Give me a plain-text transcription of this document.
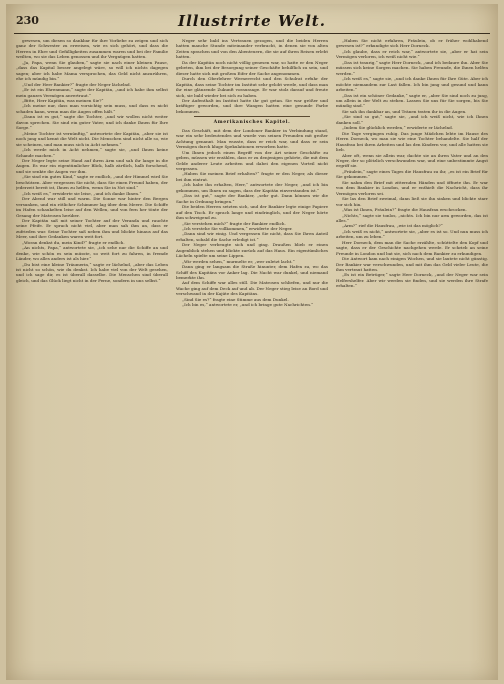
230	Illustrirte Welt.

gewesen, um diesen so dankbar für ihre Vorliebe zu zeigen und sich ganz der Schwester zu erweisen, wie es sich gehört, und dass die Herren in Ehre und Gefälligkeiten zusammen waren und bei der Familie weilten, wo sie das Leben genossen und ihr Vergnügen hatten.

„Ja, Papa, wenn Sie glauben,“ sagte sie nach einer kleinen Pause, „dass das Kapital besser angelegt wäre, so will ich nichts dagegen sagen; aber ich habe Mama versprochen, das Geld nicht anzurühren, ehe ich mündig bin.“

„Und der Herr Bankier?“ fragte der Neger lächelnd.

„Er ist ein Ehrenmann,“ sagte der Kapitän, „und ich habe ihm selbst mein ganzes Vermögen anvertraut.“

„Bitte, Herr Kapitän, was meinen Sie?“

„Ich meine nur, dass man vorsichtig sein muss, und dass es nicht schaden kann, wenn man die Augen offen hält.“

„Dann ist es gut,“ sagte die Tochter, „und wir wollen nicht weiter davon sprechen. Sie sind ein guter Vater, und ich danke Ihnen für Ihre Sorge.“

„Meine Tochter ist vernünftig,“ antwortete der Kapitän, „aber sie ist noch jung und kennt die Welt nicht. Die Menschen sind nicht alle so, wie sie scheinen, und man muss sich in Acht nehmen.“

„Ich werde mich in Acht nehmen,“ sagte sie, „und Ihnen keine Schande machen.“

Der Neger legte seine Hand auf ihren Arm und sah ihr lange in die Augen. Es war ein eigentümlicher Blick, halb zärtlich, halb forschend, und sie senkte die Augen vor ihm.

„Sie sind ein gutes Kind,“ sagte er endlich, „und der Himmel wird Sie beschützen. Aber vergessen Sie nicht, dass Sie einen Freund haben, der jederzeit bereit ist, Ihnen zu helfen, wenn Sie in Not sind.“

„Ich weiß es,“ erwiderte sie leise, „und ich danke Ihnen.“

Der Abend war still und warm. Die Sonne war hinter den Bergen versunken, und ein rötlicher Schimmer lag über dem Meere. Die Schiffe im Hafen schaukelten leise auf den Wellen, und von fern her tönte der Gesang der Matrosen herüber.

Der Kapitän saß mit seiner Tochter auf der Veranda und rauchte seine Pfeife. Er sprach nicht viel, aber man sah ihm an, dass er zufrieden war. Seine Tochter saß neben ihm und blickte hinaus auf das Meer, und ihre Gedanken waren weit fort.

„Woran denkst du, mein Kind?“ fragte er endlich.

„An nichts, Papa,“ antwortete sie, „ich sehe nur die Schiffe an und denke, wie schön es sein müsste, so weit fort zu fahren, in fremde Länder, wo alles anders ist als hier.“

„Du bist eine kleine Träumerin,“ sagte er lächelnd, „aber das Leben ist nicht so schön, wie du denkst. Ich habe viel von der Welt gesehen, und ich sage dir, es ist überall dasselbe. Die Menschen sind überall gleich, und das Glück liegt nicht in der Ferne, sondern in uns selbst.“

Neger sehr bald ins Vertrauen gezogen, und die beiden Herren hatten manche Stunde miteinander verbracht, in denen sie von alten Zeiten sprachen und von den Abenteuern, die sie auf ihren Reisen erlebt hatten.

Da der Kapitän noch nicht völlig genesen war, so hatte er den Neger gebeten, ihm bei der Besorgung seiner Geschäfte behilflich zu sein, und dieser hatte sich mit großem Eifer der Sache angenommen.

Durch den Oberlehrer Wernerrecht und den Schulrat erfuhr der Kapitän, dass seine Tochter im Institut sehr gelobt werde, und dass man ihr eine glänzende Zukunft voraussage. Er war stolz darauf und freute sich, sie bald wieder bei sich zu haben.

Der Aufenthalt im Institut hatte ihr gut getan. Sie war größer und kräftiger geworden, und ihre Wangen hatten eine gesunde Farbe bekommen.

Amerikanisches Kapitel.

Das Geschäft, mit dem der Londoner Bankier in Verbindung stand, war ein sehr bedeutendes und wurde von seinen Freunden mit großer Achtung genannt. Man wusste, dass er reich war, und dass er sein Vermögen durch kluge Spekulationen erworben hatte.

Um Ihnen jedoch einen Begriff von der Art seiner Geschäfte zu geben, müssen wir erzählen, dass er zu denjenigen gehörte, die mit dem Gelde anderer Leute arbeiten und dabei den eigenen Vorteil nicht vergessen.

„Haben Sie meinen Brief erhalten?“ fragte er den Neger, als dieser bei ihm eintrat.

„Ich habe ihn erhalten, Herr,“ antwortete der Neger, „und ich bin gekommen, um Ihnen zu sagen, dass der Kapitän einverstanden ist.“

„Das ist gut,“ sagte der Bankier, „sehr gut. Dann können wir die Sache in Ordnung bringen.“

Die beiden Herren setzten sich, und der Bankier legte einige Papiere auf den Tisch. Er sprach lange und eindringlich, und der Neger hörte ihm schweigend zu.

„Sie verstehen mich?“ fragte der Bankier endlich.

„Ich verstehe Sie vollkommen,“ erwiderte der Neger.

„Dann sind wir einig. Und vergessen Sie nicht, dass Sie Ihren Anteil erhalten, sobald die Sache erledigt ist.“

Der Neger verbeugte sich und ging. Draußen blieb er einen Augenblick stehen und blickte zurück auf das Haus. Ein eigentümliches Lächeln spielte um seine Lippen.

„Wir werden sehen,“ murmelte er, „wer zuletzt lacht.“

Dann ging er langsam die Straße hinunter, dem Hafen zu, wo das Schiff des Kapitäns vor Anker lag. Die Nacht war dunkel, und niemand bemerkte ihn.

Auf dem Schiffe war alles still. Die Matrosen schliefen, und nur die Wache ging auf dem Deck auf und ab. Der Neger stieg leise an Bord und verschwand in der Kajüte des Kapitäns.

„Sind Sie es?“ fragte eine Stimme aus dem Dunkel.

„Ich bin es,“ antwortete er, „und ich bringe gute Nachrichten.“

„Haben Sie nicht erfahren, Fräulein, ob er früher wohlhabend gewesen ist?“ erkundigte sich Herr Dorneck.

„Ich glaube, dass er reich war,“ antwortete sie, „aber er hat sein Vermögen verloren, ich weiß nicht wie.“

„Das ist traurig,“ sagte Herr Dorneck, „und ich bedaure ihn. Aber Sie müssen sich keine Sorgen machen. Sie haben Freunde, die Ihnen helfen werden.“

„Ich weiß es,“ sagte sie, „und ich danke Ihnen für Ihre Güte. Aber ich möchte niemandem zur Last fallen. Ich bin jung und gesund und kann arbeiten.“

„Das ist ein schöner Gedanke,“ sagte er, „aber Sie sind noch zu jung, um allein in der Welt zu stehen. Lassen Sie uns für Sie sorgen, bis Sie mündig sind.“

Sie sah ihn dankbar an, und Tränen traten ihr in die Augen.

„Sie sind so gut,“ sagte sie, „und ich weiß nicht, wie ich Ihnen danken soll.“

„Indem Sie glücklich werden,“ erwiderte er lächelnd.

Die Tage vergingen ruhig. Das junge Mädchen lebte im Hause des Herrn Dorneck, wo man sie wie eine Tochter behandelte. Sie half der Hausfrau bei ihren Arbeiten und las den Kindern vor, und alle hatten sie lieb.

Aber oft, wenn sie allein war, dachte sie an ihren Vater und an den Neger, der so plötzlich verschwunden war, und eine unbestimmte Angst ergriff sie.

„Fräulein,“ sagte eines Tages die Hausfrau zu ihr, „es ist ein Brief für Sie gekommen.“

Sie nahm den Brief mit zitternden Händen und öffnete ihn. Er war von dem Bankier in London, und er enthielt die Nachricht, dass ihr Vermögen verloren sei.

Sie las den Brief zweimal, dann ließ sie ihn sinken und blickte starr vor sich hin.

„Was ist Ihnen, Fräulein?“ fragte die Hausfrau erschrocken.

„Nichts,“ sagte sie tonlos, „nichts. Ich bin nur arm geworden, das ist alles.“

„Arm?“ rief die Hausfrau, „wie ist das möglich?“

„Ich weiß es nicht,“ antwortete sie, „aber es ist so. Und nun muss ich arbeiten, um zu leben.“

Herr Dorneck, dem man die Sache erzählte, schüttelte den Kopf und sagte, dass er der Geschichte nachgehen werde. Er schrieb an seine Freunde in London und bat sie, sich nach dem Bankier zu erkundigen.

Die Antwort kam nach einigen Wochen, und sie lautete nicht günstig. Der Bankier war verschwunden, und mit ihm das Geld vieler Leute, die ihm vertraut hatten.

„Es ist ein Betrüger,“ sagte Herr Dorneck, „und der Neger war sein Helfershelfer. Aber wir werden sie finden, und sie werden ihre Strafe erhalten.“
